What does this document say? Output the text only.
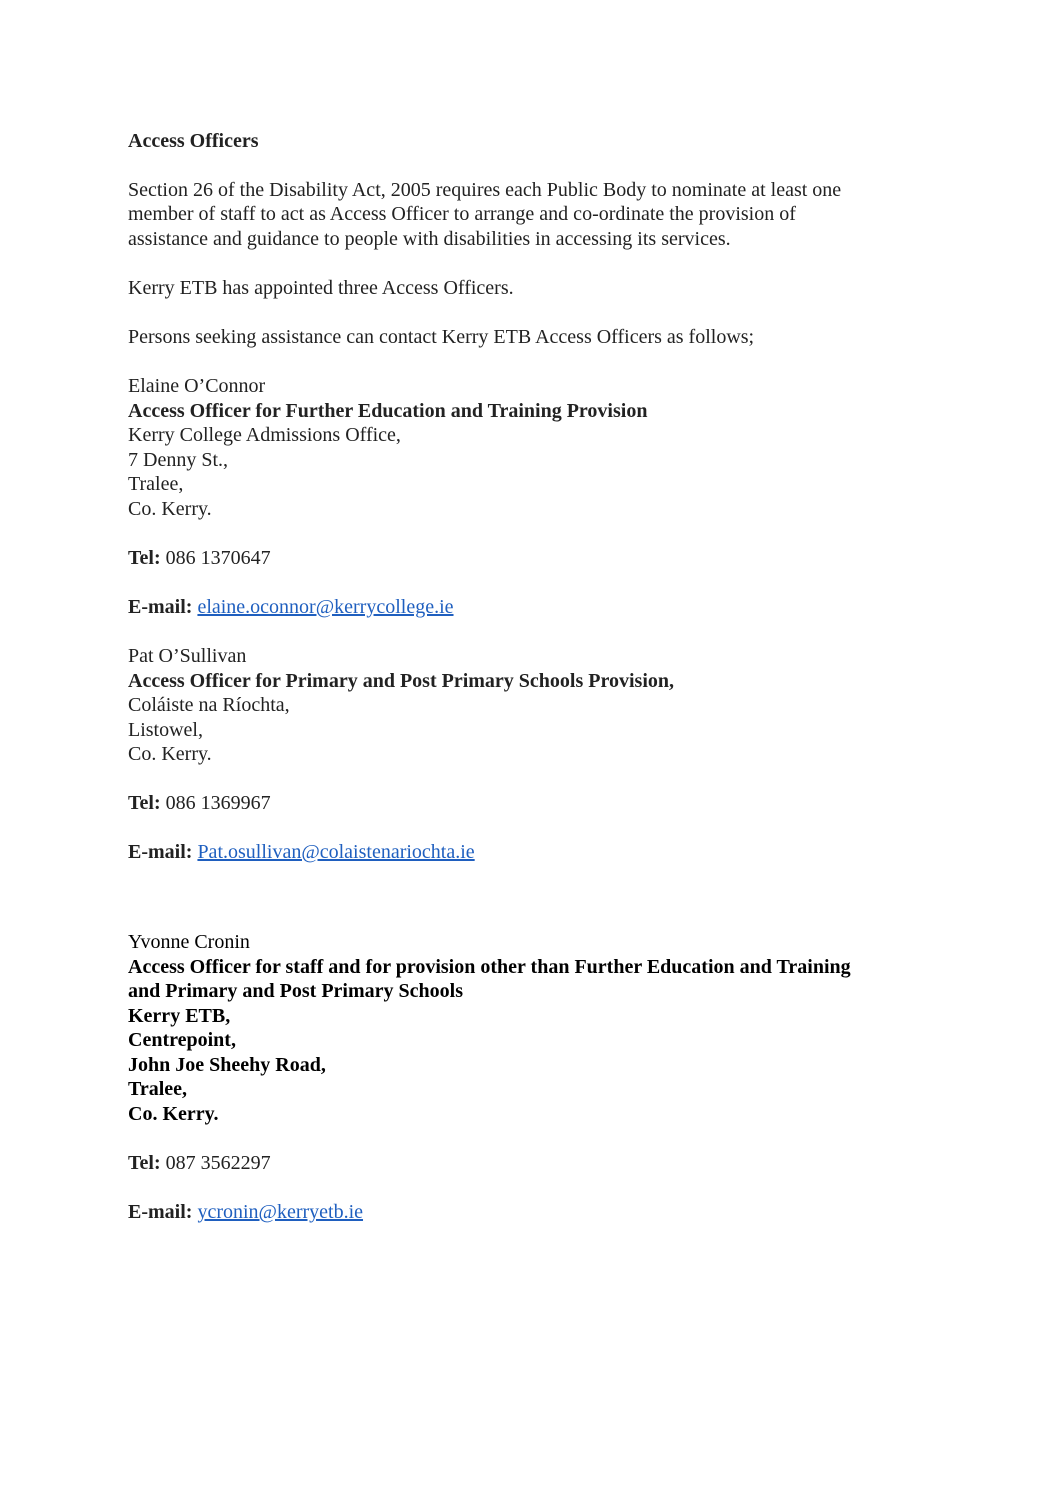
Access Officers
Section 26 of the Disability Act, 2005 requires each Public Body to nominate at least one
member of staff to act as Access Officer to arrange and co-ordinate the provision of
assistance and guidance to people with disabilities in accessing its services.
Kerry ETB has appointed three Access Officers.
Persons seeking assistance can contact Kerry ETB Access Officers as follows;
Elaine O’Connor
Access Officer for Further Education and Training Provision
Kerry College Admissions Office,
7 Denny St.,
Tralee,
Co. Kerry.
Tel: 086 1370647
E-mail: elaine.oconnor@kerrycollege.ie
Pat O’Sullivan
Access Officer for Primary and Post Primary Schools Provision,
Coláiste na Ríochta,
Listowel,
Co. Kerry.
Tel: 086 1369967
E-mail: Pat.osullivan@colaistenariochta.ie
Yvonne Cronin
Access Officer for staff and for provision other than Further Education and Training
and Primary and Post Primary Schools
Kerry ETB,
Centrepoint,
John Joe Sheehy Road,
Tralee,
Co. Kerry.
Tel: 087 3562297
E-mail: ycronin@kerryetb.ie
